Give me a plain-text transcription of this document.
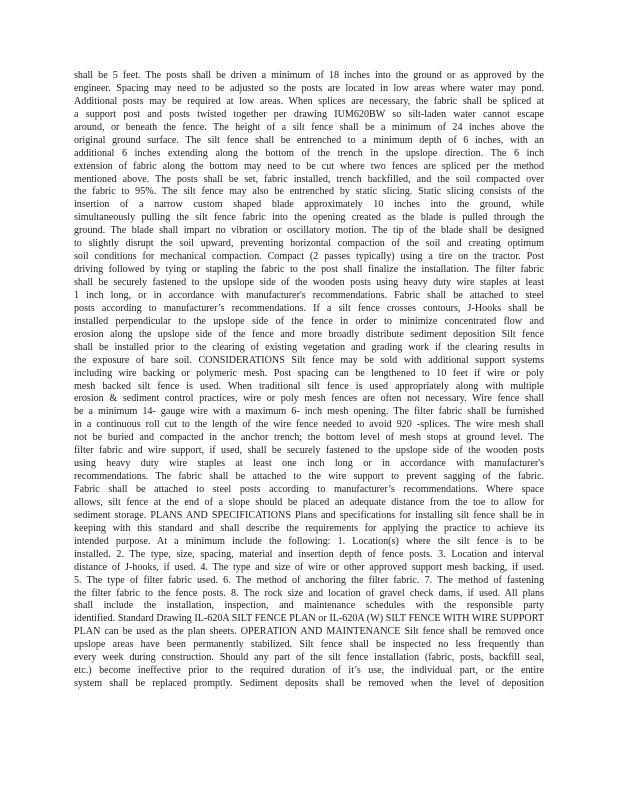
shall be 5 feet. The posts shall be driven a minimum of 18 inches into the ground or as approved by the
engineer. Spacing may need to be adjusted so the posts are located in low areas where water may pond.
Additional posts may be required at low areas. When splices are necessary, the fabric shall be spliced at
a support post and posts twisted together per drawing IUM620BW so silt-laden water cannot escape
around, or beneath the fence. The height of a silt fence shall be a minimum of 24 inches above the
original ground surface. The silt fence shall be entrenched to a minimum depth of 6 inches, with an
additional 6 inches extending along the bottom of the trench in the upslope direction. The 6 inch
extension of fabric along the bottom may need to be cut where two fences are spliced per the method
mentioned above. The posts shall be set, fabric installed, trench backfilled, and the soil compacted over
the fabric to 95%. The silt fence may also be entrenched by static slicing. Static slicing consists of the
insertion of a narrow custom shaped blade approximately 10 inches into the ground, while
simultaneously pulling the silt fence fabric into the opening created as the blade is pulled through the
ground. The blade shall impart no vibration or oscillatory motion. The tip of the blade shall be designed
to slightly disrupt the soil upward, preventing horizontal compaction of the soil and creating optimum
soil conditions for mechanical compaction. Compact (2 passes typically) using a tire on the tractor. Post
driving followed by tying or stapling the fabric to the post shall finalize the installation. The filter fabric
shall be securely fastened to the upslope side of the wooden posts using heavy duty wire staples at least
1 inch long, or in accordance with manufacturer's recommendations. Fabric shall be attached to steel
posts according to manufacturer’s recommendations. If a silt fence crosses contours, J-Hooks shall be
installed perpendicular to the upslope side of the fence in order to minimize concentrated flow and
erosion along the upslope side of the fence and more broadly distribute sediment deposition Silt fence
shall be installed prior to the clearing of existing vegetation and grading work if the clearing results in
the exposure of bare soil. CONSIDERATIONS Silt fence may be sold with additional support systems
including wire backing or polymeric mesh. Post spacing can be lengthened to 10 feet if wire or poly
mesh backed silt fence is used. When traditional silt fence is used appropriately along with multiple
erosion & sediment control practices, wire or poly mesh fences are often not necessary. Wire fence shall
be a minimum 14- gauge wire with a maximum 6- inch mesh opening. The filter fabric shall be furnished
in a continuous roll cut to the length of the wire fence needed to avoid 920 -splices. The wire mesh shall
not be buried and compacted in the anchor trench; the bottom level of mesh stops at ground level. The
filter fabric and wire support, if used, shall be securely fastened to the upslope side of the wooden posts
using heavy duty wire staples at least one inch long or in accordance with manufacturer's
recommendations. The fabric shall be attached to the wire support to prevent sagging of the fabric.
Fabric shall be attached to steel posts according to manufacturer’s recommendations. Where space
allows, silt fence at the end of a slope should be placed an adequate distance from the toe to allow for
sediment storage. PLANS AND SPECIFICATIONS Plans and specifications for installing silt fence shall be in
keeping with this standard and shall describe the requirements for applying the practice to achieve its
intended purpose. At a minimum include the following: 1. Location(s) where the silt fence is to be
installed. 2. The type, size, spacing, material and insertion depth of fence posts. 3. Location and interval
distance of J-hooks, if used. 4. The type and size of wire or other approved support mesh backing, if used.
5. The type of filter fabric used. 6. The method of anchoring the filter fabric. 7. The method of fastening
the filter fabric to the fence posts. 8. The rock size and location of gravel check dams, if used. All plans
shall include the installation, inspection, and maintenance schedules with the responsible party
identified. Standard Drawing IL-620A SILT FENCE PLAN or IL-620A (W) SILT FENCE WITH WIRE SUPPORT
PLAN can be used as the plan sheets. OPERATION AND MAINTENANCE Silt fence shall be removed once
upslope areas have been permanently stabilized. Silt fence shall be inspected no less frequently than
every week during construction. Should any part of the silt fence installation (fabric, posts, backfill seal,
etc.) become ineffective prior to the required duration of it’s use, the individual part, or the entire
system shall be replaced promptly. Sediment deposits shall be removed when the level of deposition
